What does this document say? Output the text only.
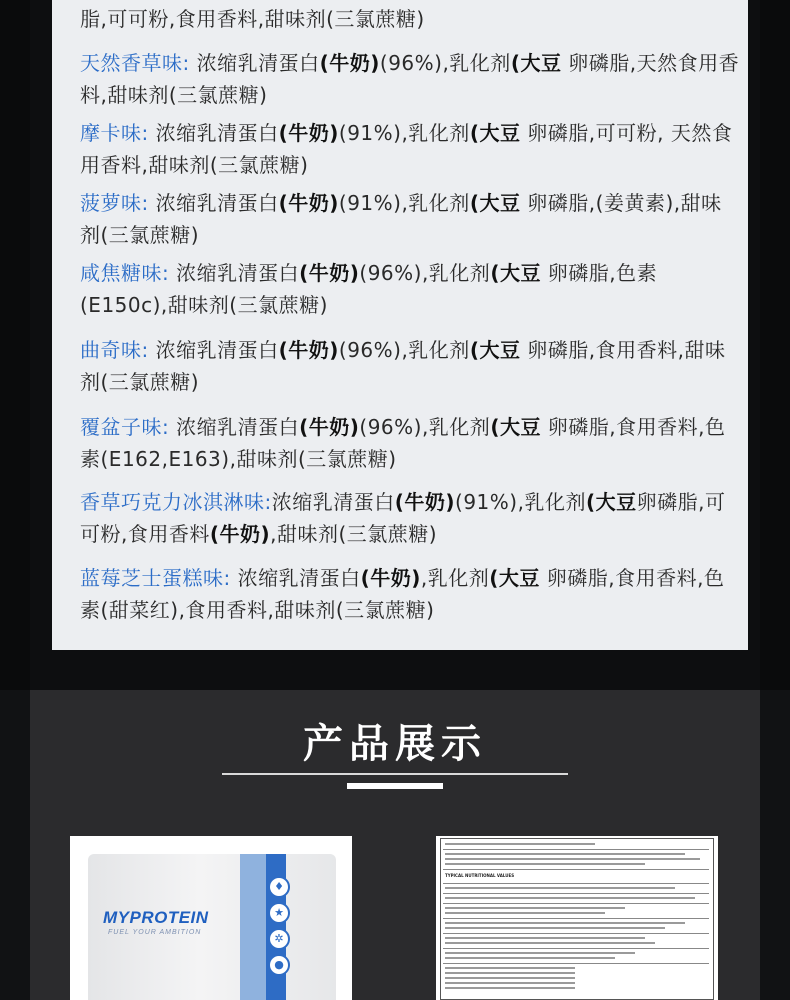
脂,可可粉,食用香料,甜味剂(三氯蔗糖)
天然香草味: 浓缩乳清蛋白(牛奶)(96%),乳化剂(大豆 卵磷脂,天然食用香料,甜味剂(三氯蔗糖)
摩卡味: 浓缩乳清蛋白(牛奶)(91%),乳化剂(大豆 卵磷脂,可可粉, 天然食用香料,甜味剂(三氯蔗糖)
菠萝味: 浓缩乳清蛋白(牛奶)(91%),乳化剂(大豆 卵磷脂,(姜黄素),甜味剂(三氯蔗糖)
咸焦糖味: 浓缩乳清蛋白(牛奶)(96%),乳化剂(大豆 卵磷脂,色素(E150c),甜味剂(三氯蔗糖)
曲奇味: 浓缩乳清蛋白(牛奶)(96%),乳化剂(大豆 卵磷脂,食用香料,甜味剂(三氯蔗糖)
覆盆子味: 浓缩乳清蛋白(牛奶)(96%),乳化剂(大豆 卵磷脂,食用香料,色素(E162,E163),甜味剂(三氯蔗糖)
香草巧克力冰淇淋味:浓缩乳清蛋白(牛奶)(91%),乳化剂(大豆卵磷脂,可可粉,食用香料(牛奶),甜味剂(三氯蔗糖)
蓝莓芝士蛋糕味: 浓缩乳清蛋白(牛奶),乳化剂(大豆 卵磷脂,食用香料,色素(甜菜红),食用香料,甜味剂(三氯蔗糖)
产品展示
♦
★
✲
●
MYPROTEIN
FUEL YOUR AMBITION
TYPICAL NUTRITIONAL VALUES
